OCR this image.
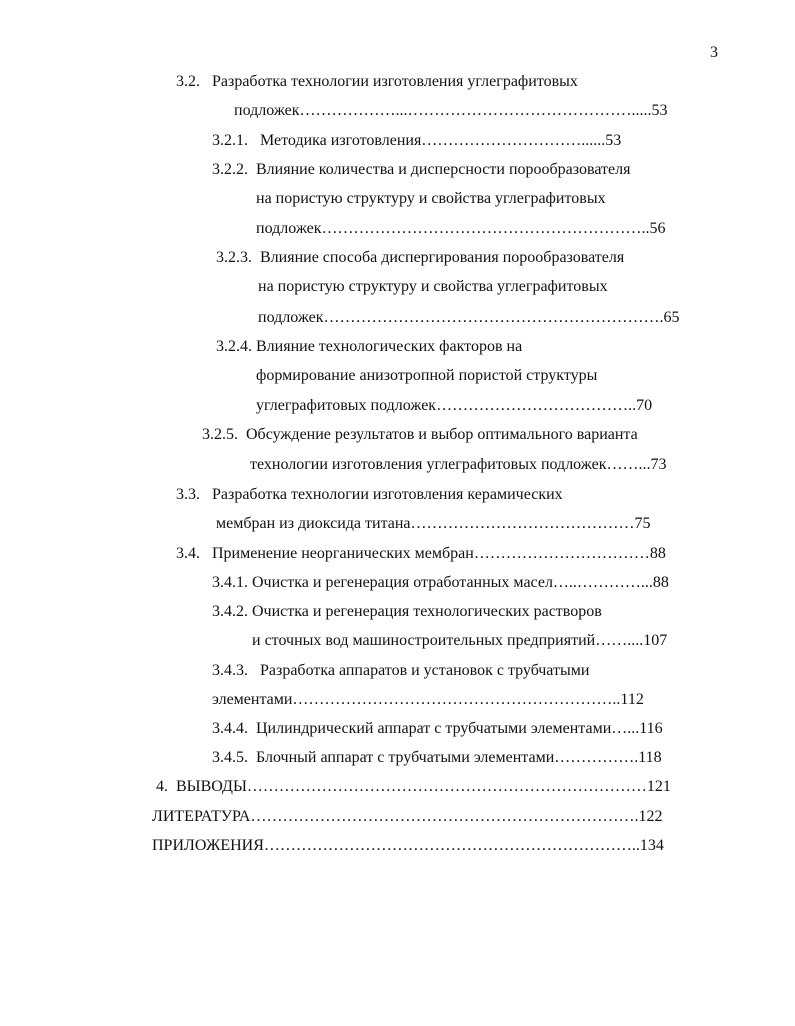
3
3.2.   Разработка технологии изготовления углеграфитовых
подложек………………...…………………………………….....53
3.2.1.   Методика изготовления…………………………......53
3.2.2.  Влияние количества и дисперсности порообразователя
на пористую структуру и свойства углеграфитовых
подложек……………………………………………………..56
3.2.3.  Влияние способа диспергирования порообразователя
на пористую структуру и свойства углеграфитовых
подложек……………………………………………………….65
3.2.4. Влияние технологических факторов на
формирование анизотропной пористой структуры
углеграфитовых подложек………………………………..70
3.2.5.  Обсуждение результатов и выбор оптимального варианта
технологии изготовления углеграфитовых подложек……...73
3.3.   Разработка технологии изготовления керамических
мембран из диоксида титана……………………………………75
3.4.   Применение неорганических мембран……………………………88
3.4.1. Очистка и регенерация отработанных масел…..…………...88
3.4.2. Очистка и регенерация технологических растворов
и сточных вод машиностроительных предприятий……....107
3.4.3.   Разработка аппаратов и установок с трубчатыми
элементами……………………………………………………..112
3.4.4.  Цилиндрический аппарат с трубчатыми элементами…...116
3.4.5.  Блочный аппарат с трубчатыми элементами…………….118
4.  ВЫВОДЫ…………………………………………………………………121
ЛИТЕРАТУРА……………………………………………………………….122
ПРИЛОЖЕНИЯ……………………………………………………………..134
